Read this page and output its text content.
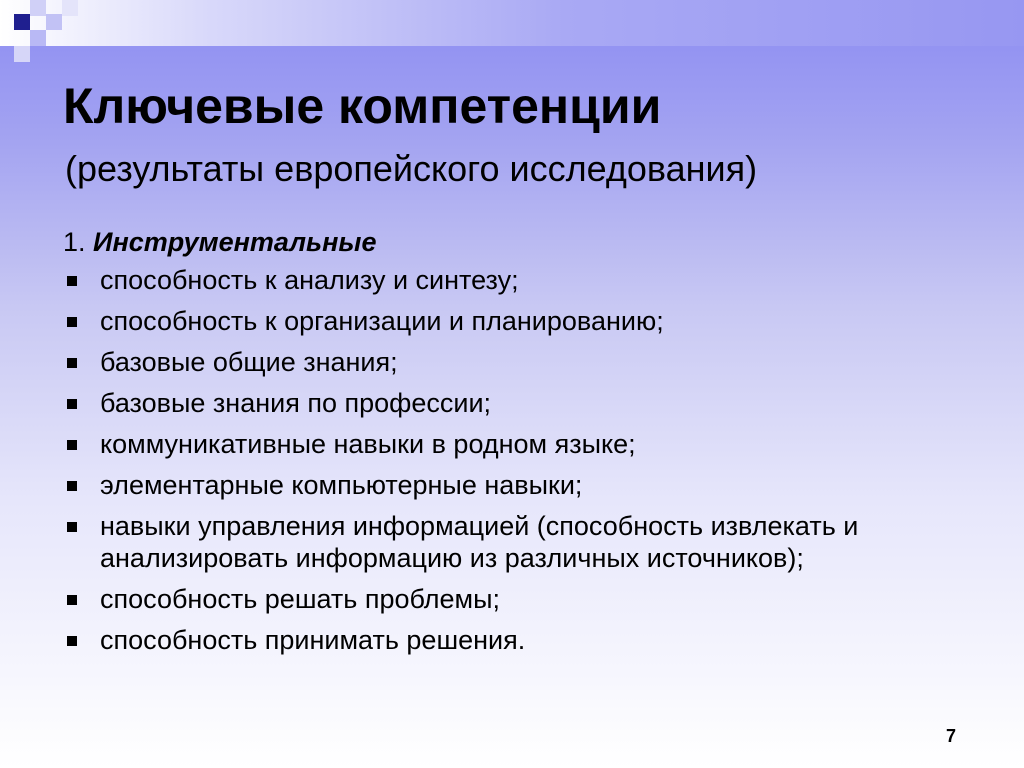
Ключевые компетенции
(результаты европейского исследования)
1. Инструментальные
способность к анализу и синтезу;
способность к организации и планированию;
базовые общие знания;
базовые знания по профессии;
коммуникативные навыки в родном языке;
элементарные компьютерные навыки;
навыки управления информацией (способность извлекать и анализировать информацию из различных источников);
способность решать проблемы;
способность принимать решения.
7
